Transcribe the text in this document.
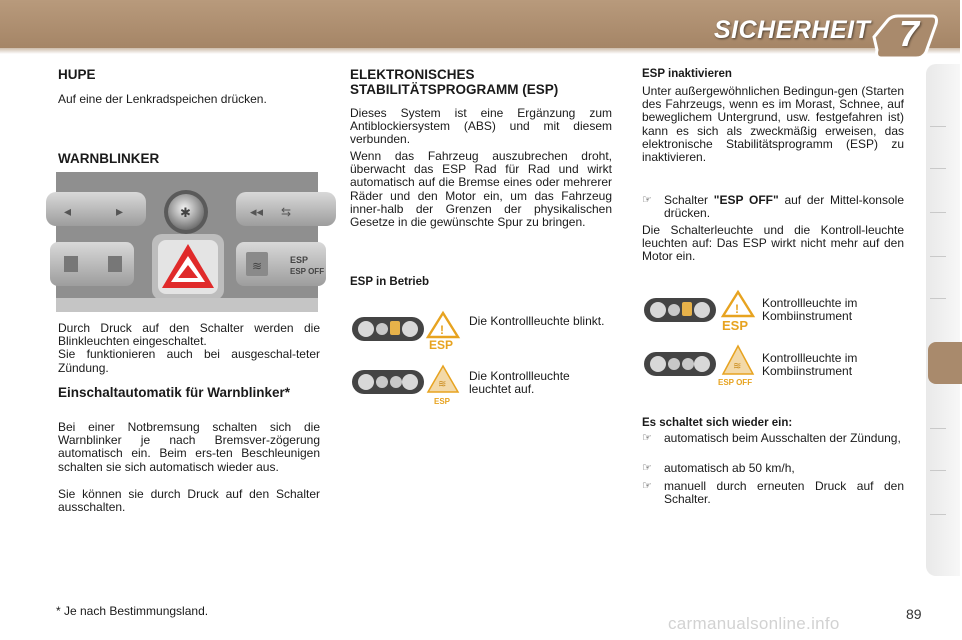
SICHERHEIT 7
HUPE
Auf eine der Lenkradspeichen drücken.
WARNBLINKER
◂	▸	◂◂ ⇆
✱
≋	ESP
ESP OFF
Durch Druck auf den Schalter werden die Blinkleuchten eingeschaltet.
Sie funktionieren auch bei ausgeschal-teter Zündung.
Einschaltautomatik für Warnblinker*
Bei einer Notbremsung schalten sich die Warnblinker je nach Bremsver-zögerung automatisch ein. Beim ers-ten Beschleunigen schalten sie sich automatisch wieder aus.
Sie können sie durch Druck auf den Schalter ausschalten.
* Je nach Bestimmungsland.
ELEKTRONISCHES STABILITÄTSPROGRAMM (ESP)
Dieses System ist eine Ergänzung zum Antiblockiersystem (ABS) und mit diesem verbunden.
Wenn das Fahrzeug auszubrechen droht, überwacht das ESP Rad für Rad und wirkt automatisch auf die Bremse eines oder mehrerer Räder und den Motor ein, um das Fahrzeug inner-halb der Grenzen der physikalischen Gesetze in die gewünschte Spur zu bringen.
ESP in Betrieb
!
ESP
Die Kontrollleuchte blinkt.
≋
ESP
Die Kontrollleuchte leuchtet auf.
ESP inaktivieren
Unter außergewöhnlichen Bedingun-gen (Starten des Fahrzeugs, wenn es im Morast, Schnee, auf beweglichem Untergrund, usw. festgefahren ist) kann es sich als zweckmäßig erweisen, das elektronische Stabilitätsprogramm (ESP) zu inaktivieren.
☞ Schalter "ESP OFF" auf der Mittel-konsole drücken.
Die Schalterleuchte und die Kontroll-leuchte leuchten auf: Das ESP wirkt nicht mehr auf den Motor ein.
!
ESP
Kontrollleuchte im Kombiinstrument
≋
ESP OFF
Kontrollleuchte im Kombiinstrument
Es schaltet sich wieder ein:
☞ automatisch beim Ausschalten der Zündung,
☞ automatisch ab 50 km/h,
☞ manuell durch erneuten Druck auf den Schalter.
89
carmanualsonline.info
